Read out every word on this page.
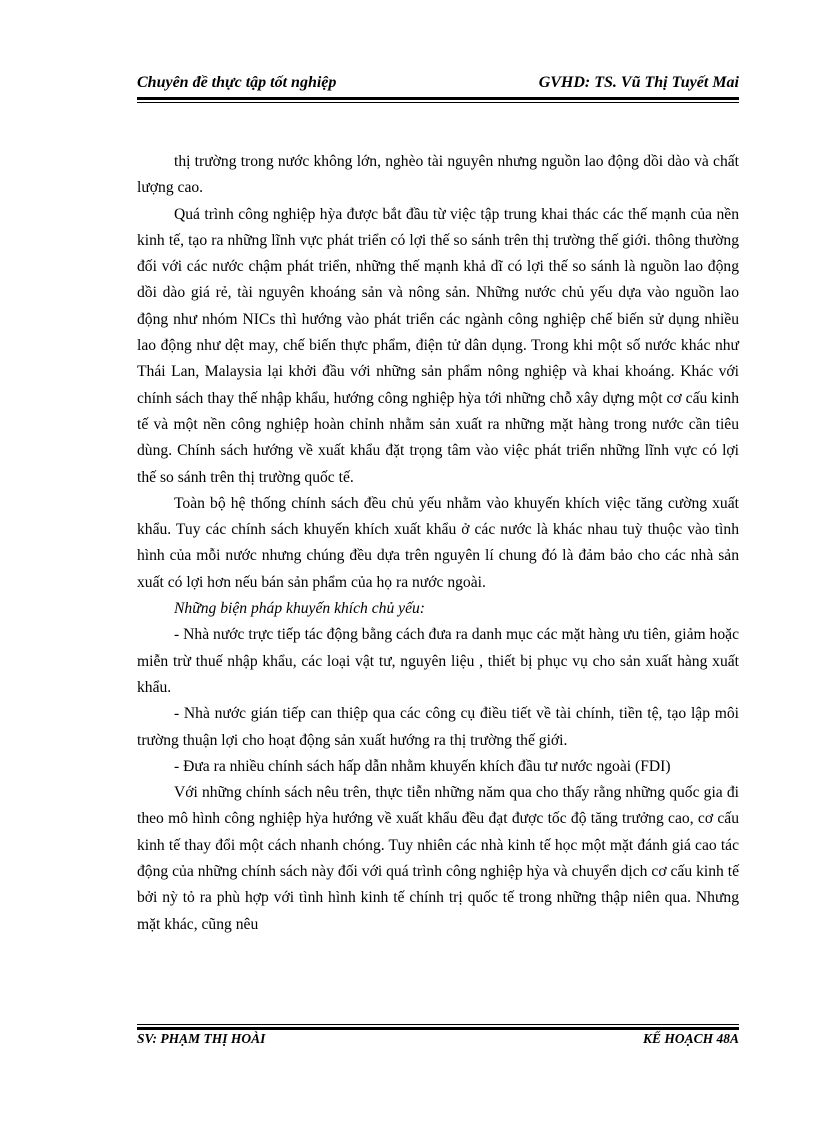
Chuyên đề thực tập tốt nghiệp	GVHD: TS. Vũ Thị Tuyết Mai

thị trường trong nước không lớn, nghèo tài nguyên nhưng nguồn lao động dồi dào và chất lượng cao.

Quá trình công nghiệp hỳa được bắt đầu từ việc tập trung khai thác các thế mạnh của nền kinh tế, tạo ra những lĩnh vực phát triển có lợi thế so sánh trên thị trường thế giới. thông thường đối với các nước chậm phát triển, những thế mạnh khả dĩ có lợi thế so sánh là nguồn lao động dồi dào giá rẻ, tài nguyên khoáng sản và nông sản. Những nước chủ yếu dựa vào nguồn lao động như nhóm NICs thì hướng vào phát triển các ngành công nghiệp chế biến sử dụng nhiều lao động như dệt may, chế biến thực phẩm, điện tử dân dụng. Trong khi một số nước khác như Thái Lan, Malaysia lại khởi đầu với những sản phẩm nông nghiệp và khai khoáng. Khác với chính sách thay thế nhập khẩu, hướng công nghiệp hỳa tới những chỗ xây dựng một cơ cấu kinh tế và một nền công nghiệp hoàn chỉnh nhằm sản xuất ra những mặt hàng trong nước cần tiêu dùng. Chính sách hướng về xuất khẩu đặt trọng tâm vào việc phát triển những lĩnh vực có lợi thế so sánh trên thị trường quốc tế.

Toàn bộ hệ thống chính sách đều chủ yếu nhằm vào khuyến khích việc tăng cường xuất khẩu. Tuy các chính sách khuyến khích xuất khẩu ở các nước là khác nhau tuỳ thuộc vào tình hình của mỗi nước nhưng chúng đều dựa trên nguyên lí chung đó là đảm bảo cho các nhà sản xuất có lợi hơn nếu bán sản phẩm của họ ra nước ngoài.

Những biện pháp khuyến khích chủ yếu:

- Nhà nước trực tiếp tác động bằng cách đưa ra danh mục các mặt hàng ưu tiên, giảm hoặc miễn trừ thuế nhập khẩu, các loại vật tư, nguyên liệu , thiết bị phục vụ cho sản xuất hàng xuất khẩu.

- Nhà nước gián tiếp can thiệp qua các công cụ điều tiết về tài chính, tiền tệ, tạo lập môi trường thuận lợi cho hoạt động sản xuất hướng ra thị trường thế giới.

- Đưa ra nhiều chính sách hấp dẫn nhằm khuyến khích đầu tư nước ngoài (FDI)

Với những chính sách nêu trên, thực tiễn những năm qua cho thấy rằng những quốc gia đi theo mô hình công nghiệp hỳa hướng về xuất khẩu đều đạt được tốc độ tăng trưởng cao, cơ cấu kinh tế thay đổi một cách nhanh chóng. Tuy nhiên các nhà kinh tế học một mặt đánh giá cao tác động của những chính sách này đối với quá trình công nghiệp hỳa và chuyển dịch cơ cấu kinh tế bởi nỳ tỏ ra phù hợp với tình hình kinh tế chính trị quốc tế trong những thập niên qua. Nhưng mặt khác, cũng nêu

SV: PHẠM THỊ HOÀI	KẾ HOẠCH 48A
